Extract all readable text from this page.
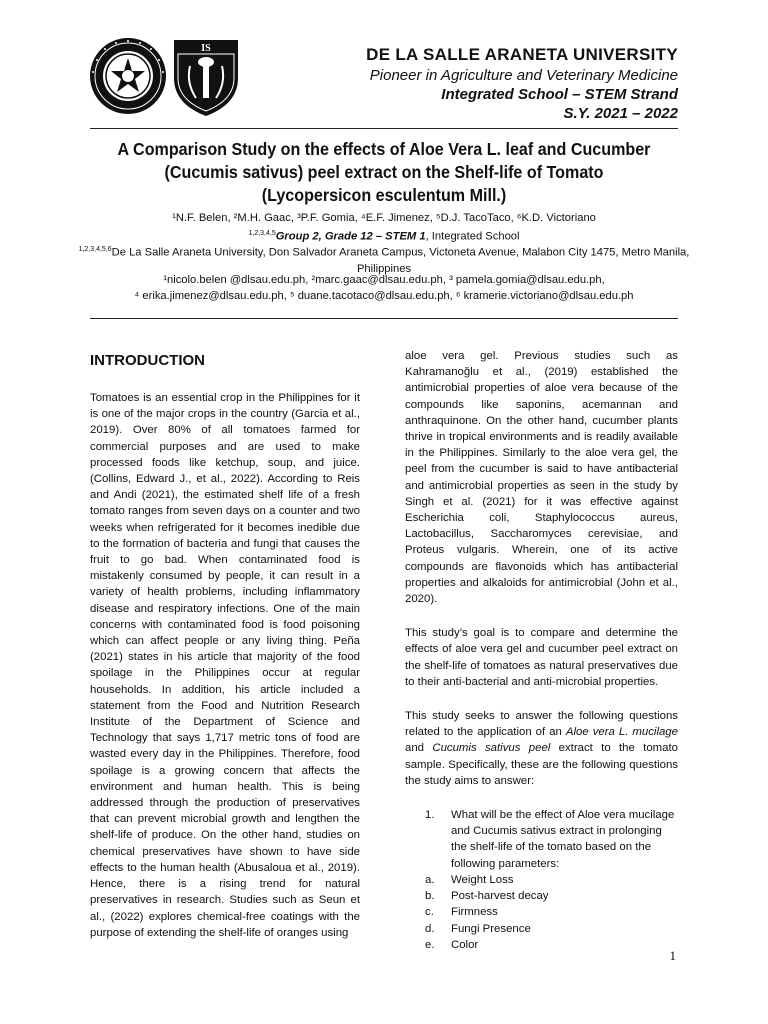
IS	DE LA SALLE ARANETA UNIVERSITY
Pioneer in Agriculture and Veterinary Medicine
Integrated School – STEM Strand
S.Y. 2021 – 2022
A Comparison Study on the effects of Aloe Vera L. leaf and Cucumber (Cucumis sativus) peel extract on the Shelf-life of Tomato (Lycopersicon esculentum Mill.)
¹N.F. Belen, ²M.H. Gaac, ³P.F. Gomia, ⁴E.F. Jimenez, ⁵D.J. TacoTaco, ⁶K.D. Victoriano
$^{1,2,3,4,5}$Group 2, Grade 12 – STEM 1, Integrated School
$^{1,2,3,4,5,6}$De La Salle Araneta University, Don Salvador Araneta Campus, Victoneta Avenue, Malabon City 1475, Metro Manila, Philippines
¹nicolo.belen @dlsau.edu.ph, ²marc.gaac@dlsau.edu.ph, ³ pamela.gomia@dlsau.edu.ph,
⁴ erika.jimenez@dlsau.edu.ph, ⁵ duane.tacotaco@dlsau.edu.ph, ⁶ kramerie.victoriano@dlsau.edu.ph
INTRODUCTION
Tomatoes is an essential crop in the Philippines for it is one of the major crops in the country (Garcia et al., 2019). Over 80% of all tomatoes farmed for commercial purposes and are used to make processed foods like ketchup, soup, and juice. (Collins, Edward J., et al., 2022). According to Reis and Andi (2021), the estimated shelf life of a fresh tomato ranges from seven days on a counter and two weeks when refrigerated for it becomes inedible due to the formation of bacteria and fungi that causes the fruit to go bad. When contaminated food is mistakenly consumed by people, it can result in a variety of health problems, including inflammatory disease and respiratory infections. One of the main concerns with contaminated food is food poisoning which can affect people or any living thing. Peña (2021) states in his article that majority of the food spoilage in the Philippines occur at regular households. In addition, his article included a statement from the Food and Nutrition Research Institute of the Department of Science and Technology that says 1,717 metric tons of food are wasted every day in the Philippines. Therefore, food spoilage is a growing concern that affects the environment and human health. This is being addressed through the production of preservatives that can prevent microbial growth and lengthen the shelf-life of produce. On the other hand, studies on chemical preservatives have shown to have side effects to the human health (Abusaloua et al., 2019). Hence, there is a rising trend for natural preservatives in research. Studies such as Seun et al., (2022) explores chemical-free coatings with the purpose of extending the shelf-life of oranges using
aloe vera gel. Previous studies such as Kahramanoğlu et al., (2019) established the antimicrobial properties of aloe vera because of the compounds like saponins, acemannan and anthraquinone. On the other hand, cucumber plants thrive in tropical environments and is readily available in the Philippines. Similarly to the aloe vera gel, the peel from the cucumber is said to have antibacterial and antimicrobial properties as seen in the study by Singh et al. (2021) for it was effective against Escherichia coli, Staphylococcus aureus, Lactobacillus, Saccharomyces cerevisiae, and Proteus vulgaris. Wherein, one of its active compounds are flavonoids which has antibacterial properties and alkaloids for antimicrobial (John et al., 2020).
This study’s goal is to compare and determine the effects of aloe vera gel and cucumber peel extract on the shelf-life of tomatoes as natural preservatives due to their anti-bacterial and anti-microbial properties.
This study seeks to answer the following questions related to the application of an Aloe vera L. mucilage and Cucumis sativus peel extract to the tomato sample. Specifically, these are the following questions the study aims to answer:
1. What will be the effect of Aloe vera mucilage and Cucumis sativus extract in prolonging the shelf-life of the tomato based on the following parameters:
a. Weight Loss
b. Post-harvest decay
c. Firmness
d. Fungi Presence
e. Color
1
